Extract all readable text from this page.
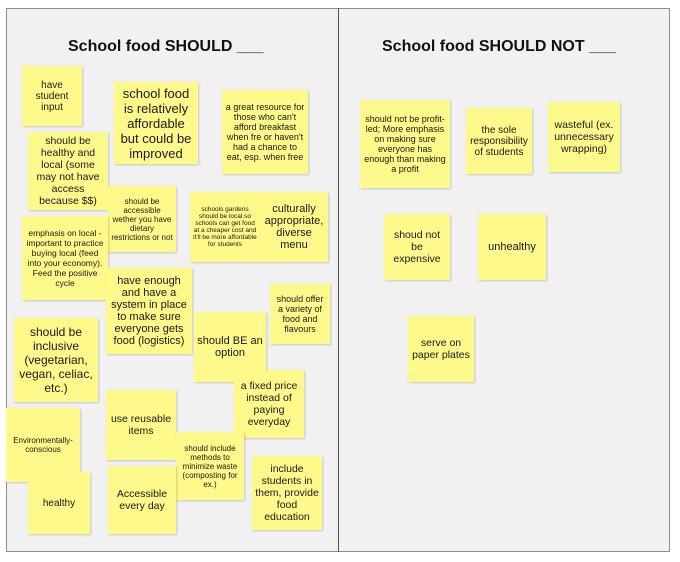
School food SHOULD ___	School food SHOULD NOT ___
have student input
school food is relatively affordable but could be improved
a great resource for those who can't afford breakfast when fre or haven't had a chance to eat, esp. when free
should be healthy and local (some may not have access because $$)	should be accessible wether you have dietary restrictions or not
schools gardens should be local so schools can get food at a cheaper cost and it'll be more affordable for students
culturally appropriate, diverse menu
emphasis on local - important to practice buying local (feed into your economy). Feed the positive cycle	have enough and have a system in place to make sure everyone gets food (logistics)
should offer a variety of food and flavours
should be inclusive (vegetarian, vegan, celiac, etc.)
should BE an option
a fixed price instead of paying everyday
Environmentally-conscious
use reusable items
should include methods to minimize waste (composting for ex.)
include students in them, provide food education
healthy
Accessible every day
should not be profit-led; More emphasis on making sure everyone has enough than making a profit
the sole responsibility of students
wasteful (ex. unnecessary wrapping)
shoud not be expensive
unhealthy
serve on paper plates
